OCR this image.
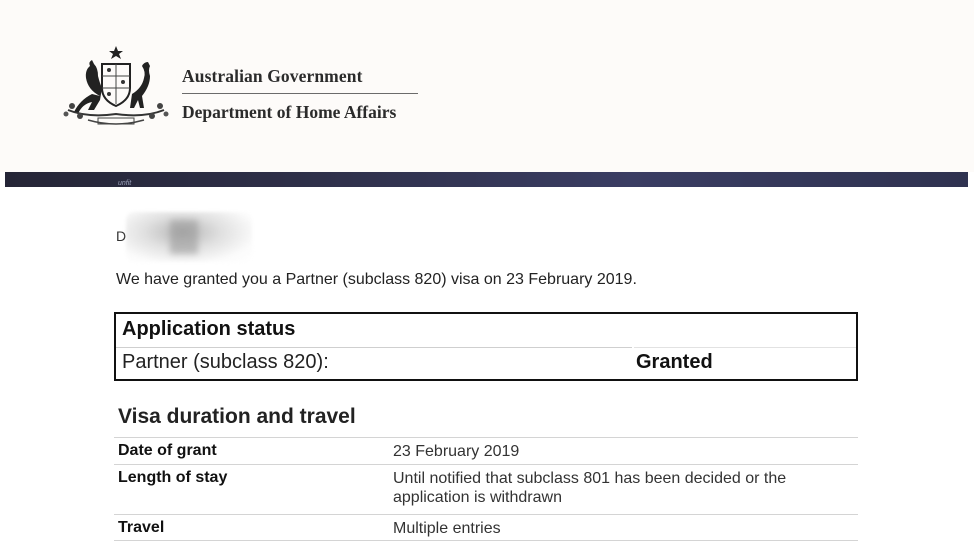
Australian Government
Department of Home Affairs
unfit
D
We have granted you a Partner (subclass 820) visa on 23 February 2019.
Application status
Partner (subclass 820):	Granted
Visa duration and travel
Date of grant	23 February 2019
Length of stay	Until notified that subclass 801 has been decided or the application is withdrawn
Travel	Multiple entries
